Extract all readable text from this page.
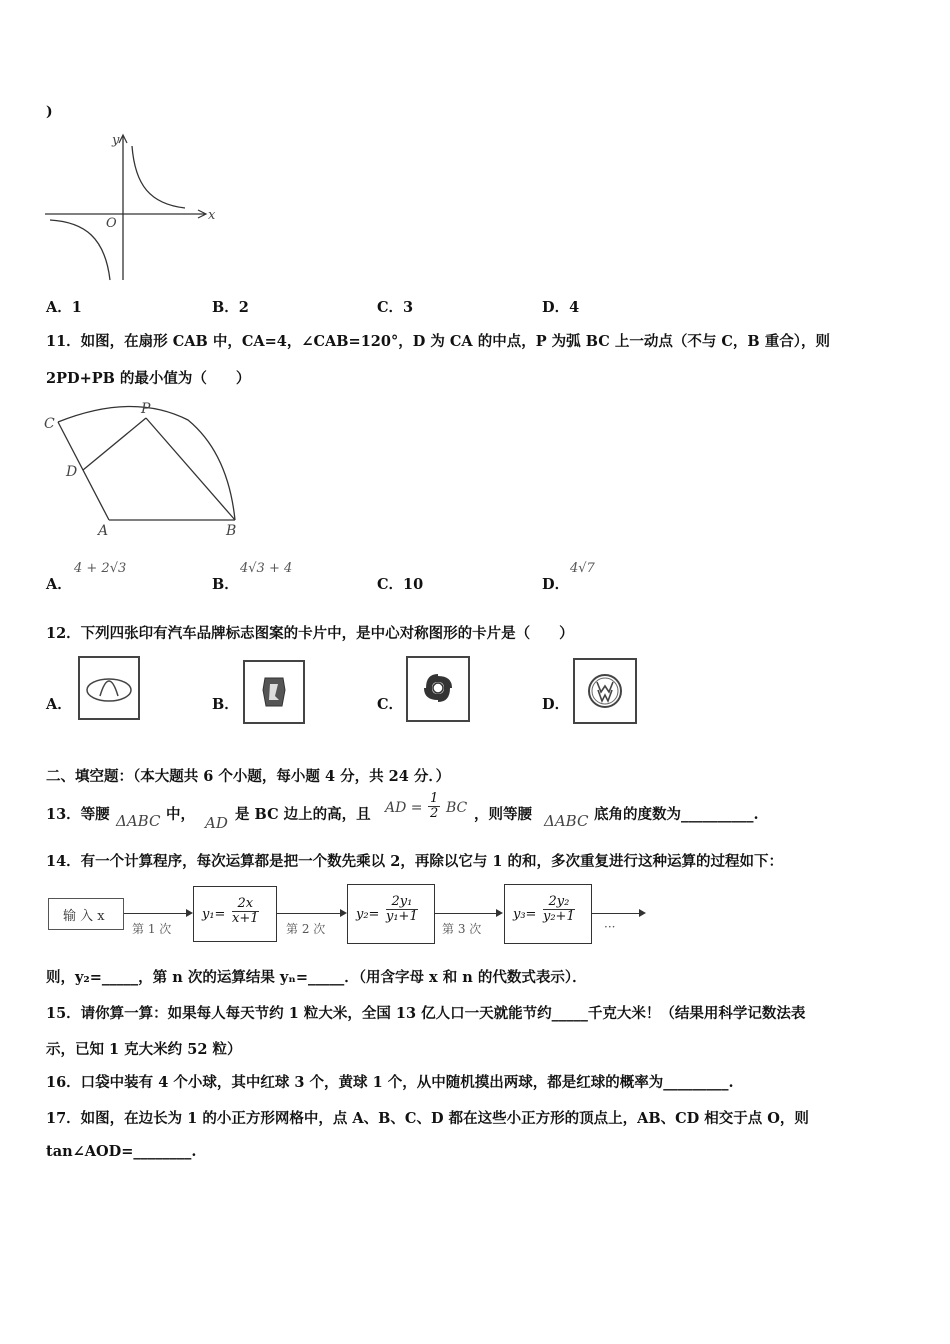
)
x
y
O
A．1	B．2	C．3	D．4
11．如图，在扇形 CAB 中，CA=4，∠CAB=120°，D 为 CA 的中点，P 为弧 BC 上一动点（不与 C，B 重合），则
2PD+PB 的最小值为（　　）
C
P
D
A	B
A．
4 + 2√3
B．
4√3 + 4
C．10	D．
4√7
12．下列四张印有汽车品牌标志图案的卡片中，是中心对称图形的卡片是（　　）
A．	B．	C．	D．
二、填空题：（本大题共 6 个小题，每小题 4 分，共 24 分．）
13．等腰 ΔABC 中， AD 是 BC 边上的高，且 AD = $\frac{1}{2}$ BC ，则等腰 ΔABC 底角的度数为__________.
14．有一个计算程序，每次运算都是把一个数先乘以 2，再除以它与 1 的和，多次重复进行这种运算的过程如下：
输 入 x
第 1 次
$y_1= \frac{2x}{x+1}$
第 2 次
$y_2= \frac{\text{2y₁}}{\text{y₁+1}}$
第 3 次
$y_3= \frac{\text{2y₂}}{\text{y₂+1}}$
···
则，y₂=_____，第 n 次的运算结果 yₙ=_____．（用含字母 x 和 n 的代数式表示）．
15．请你算一算：如果每人每天节约 1 粒大米，全国 13 亿人口一天就能节约_____千克大米！（结果用科学记数法表
示，已知 1 克大米约 52 粒）
16．口袋中装有 4 个小球，其中红球 3 个，黄球 1 个，从中随机摸出两球，都是红球的概率为_________.
17．如图，在边长为 1 的小正方形网格中，点 A、B、C、D 都在这些小正方形的顶点上，AB、CD 相交于点 O，则
tan∠AOD=________.
